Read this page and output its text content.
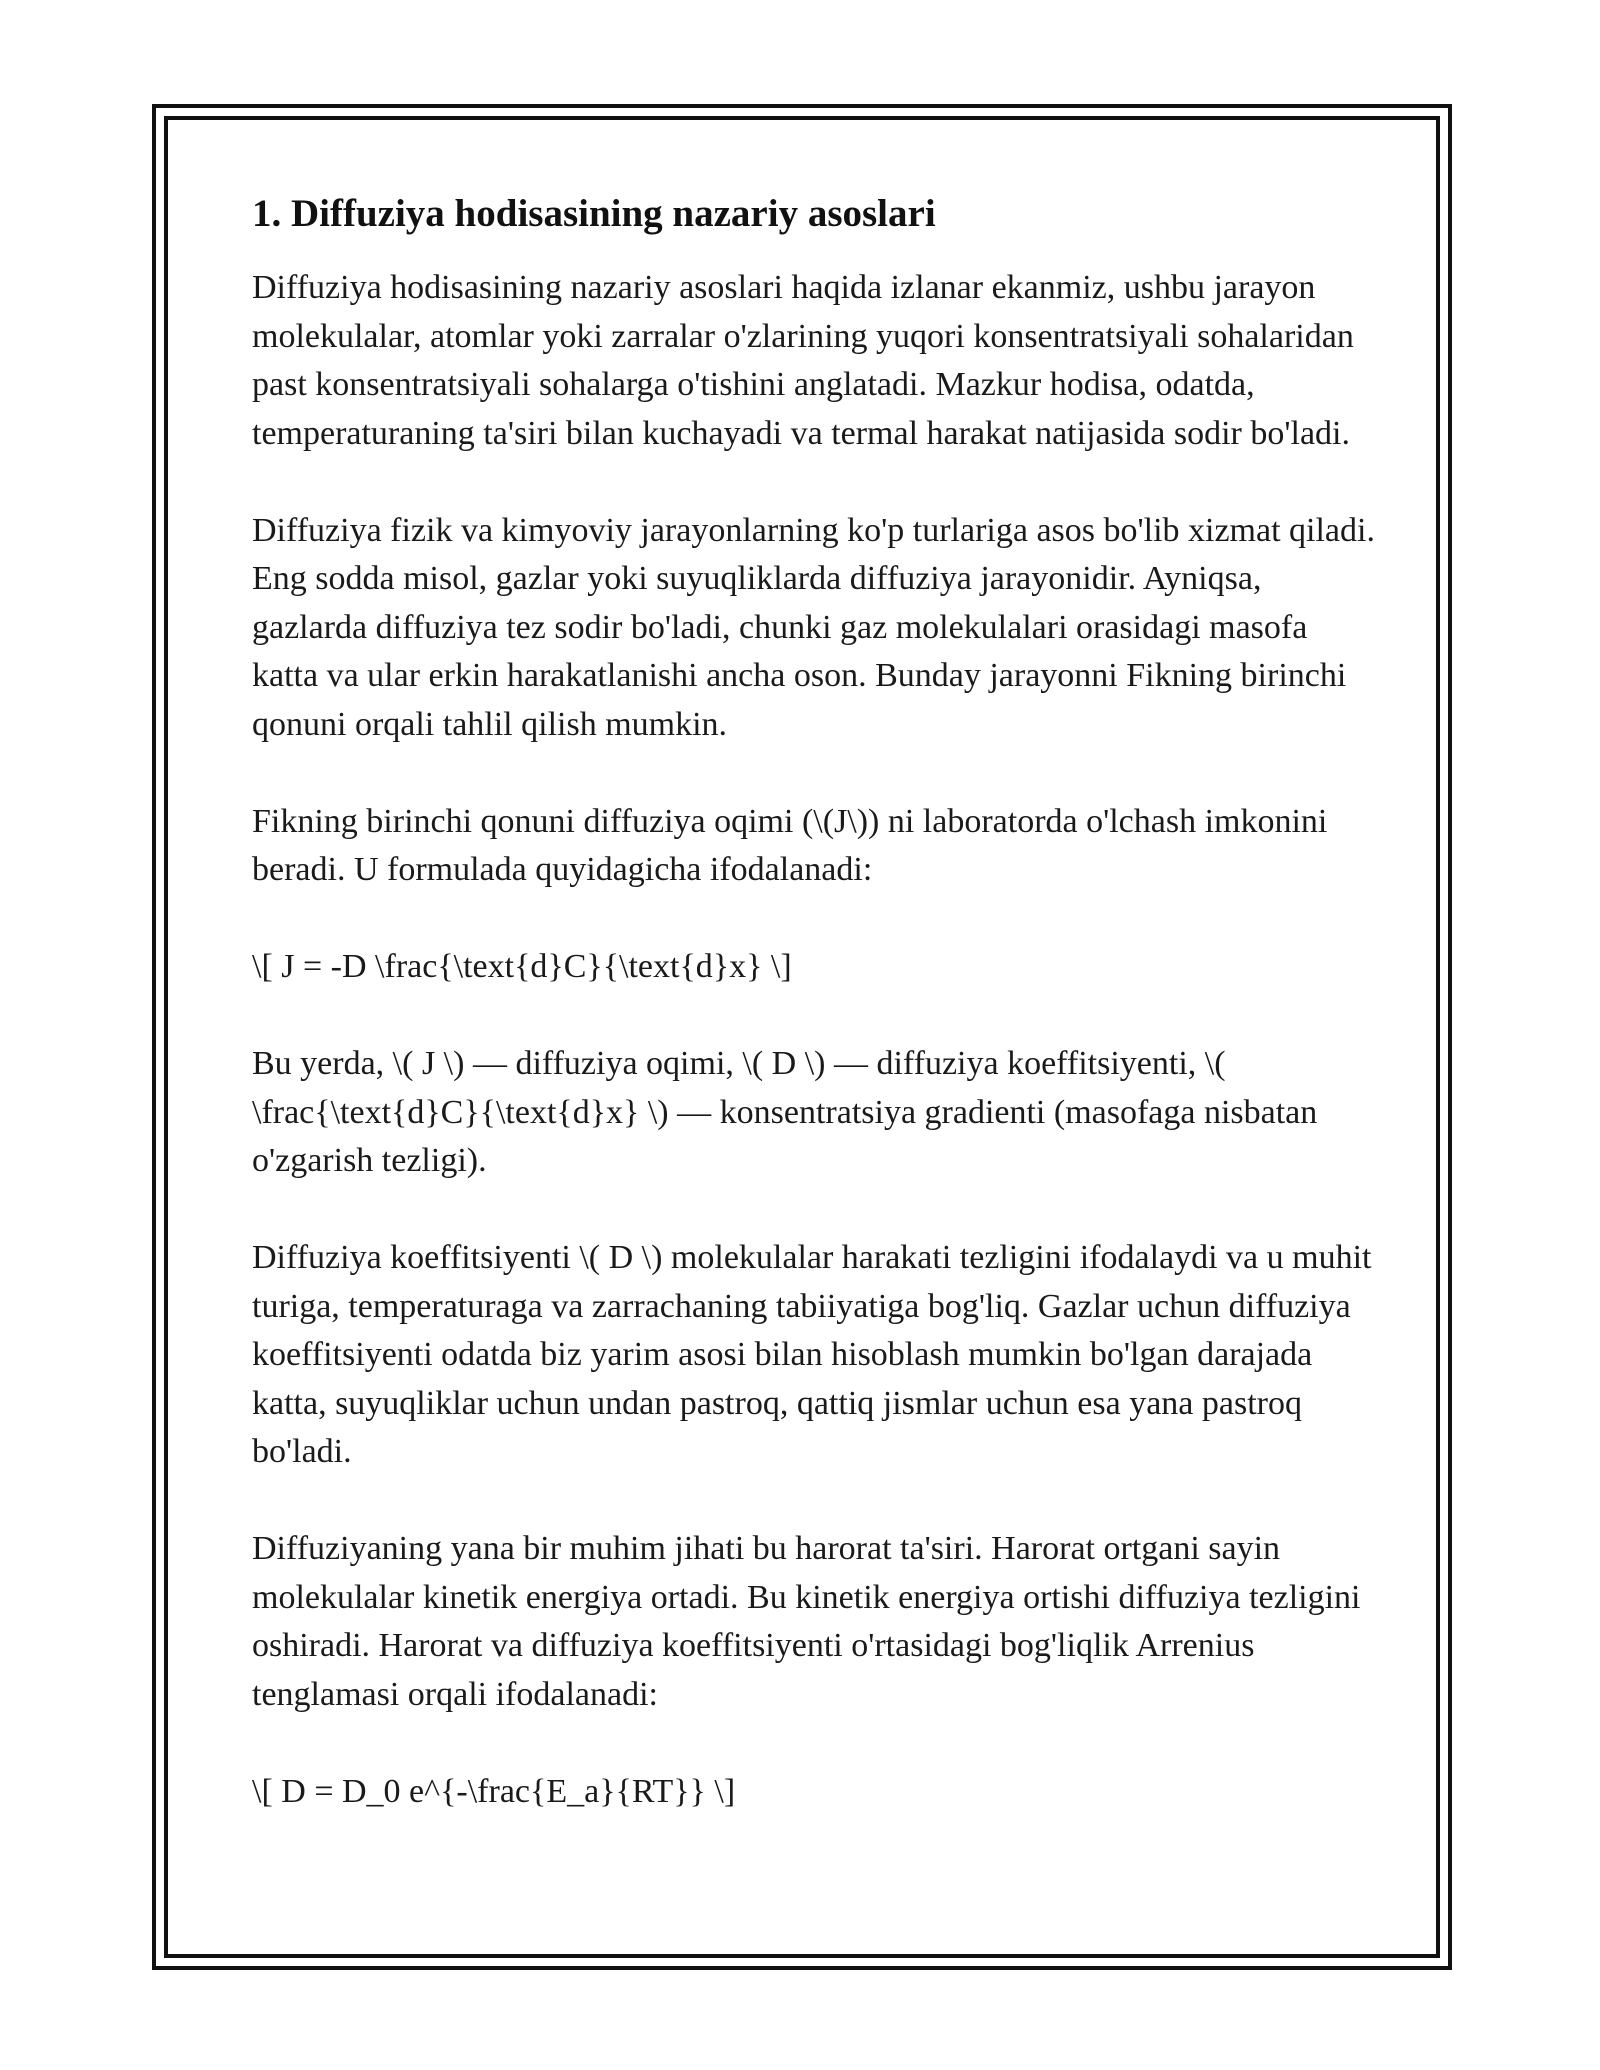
1. Diffuziya hodisasining nazariy asoslari

Diffuziya hodisasining nazariy asoslari haqida izlanar ekanmiz, ushbu jarayon molekulalar, atomlar yoki zarralar o'zlarining yuqori konsentratsiyali sohalaridan past konsentratsiyali sohalarga o'tishini anglatadi. Mazkur hodisa, odatda, temperaturaning ta'siri bilan kuchayadi va termal harakat natijasida sodir bo'ladi.

Diffuziya fizik va kimyoviy jarayonlarning ko'p turlariga asos bo'lib xizmat qiladi. Eng sodda misol, gazlar yoki suyuqliklarda diffuziya jarayonidir. Ayniqsa, gazlarda diffuziya tez sodir bo'ladi, chunki gaz molekulalari orasidagi masofa katta va ular erkin harakatlanishi ancha oson. Bunday jarayonni Fikning birinchi qonuni orqali tahlil qilish mumkin.

Fikning birinchi qonuni diffuziya oqimi (\(J\)) ni laboratorda o'lchash imkonini beradi. U formulada quyidagicha ifodalanadi:

\[ J = -D \frac{\text{d}C}{\text{d}x} \]

Bu yerda, \( J \) — diffuziya oqimi, \( D \) — diffuziya koeffitsiyenti, \( \frac{\text{d}C}{\text{d}x} \) — konsentratsiya gradienti (masofaga nisbatan o'zgarish tezligi).

Diffuziya koeffitsiyenti \( D \) molekulalar harakati tezligini ifodalaydi va u muhit turiga, temperaturaga va zarrachaning tabiiyatiga bog'liq. Gazlar uchun diffuziya koeffitsiyenti odatda biz yarim asosi bilan hisoblash mumkin bo'lgan darajada katta, suyuqliklar uchun undan pastroq, qattiq jismlar uchun esa yana pastroq bo'ladi.

Diffuziyaning yana bir muhim jihati bu harorat ta'siri. Harorat ortgani sayin molekulalar kinetik energiya ortadi. Bu kinetik energiya ortishi diffuziya tezligini oshiradi. Harorat va diffuziya koeffitsiyenti o'rtasidagi bog'liqlik Arrenius tenglamasi orqali ifodalanadi:

\[ D = D_0 e^{-\frac{E_a}{RT}} \]
